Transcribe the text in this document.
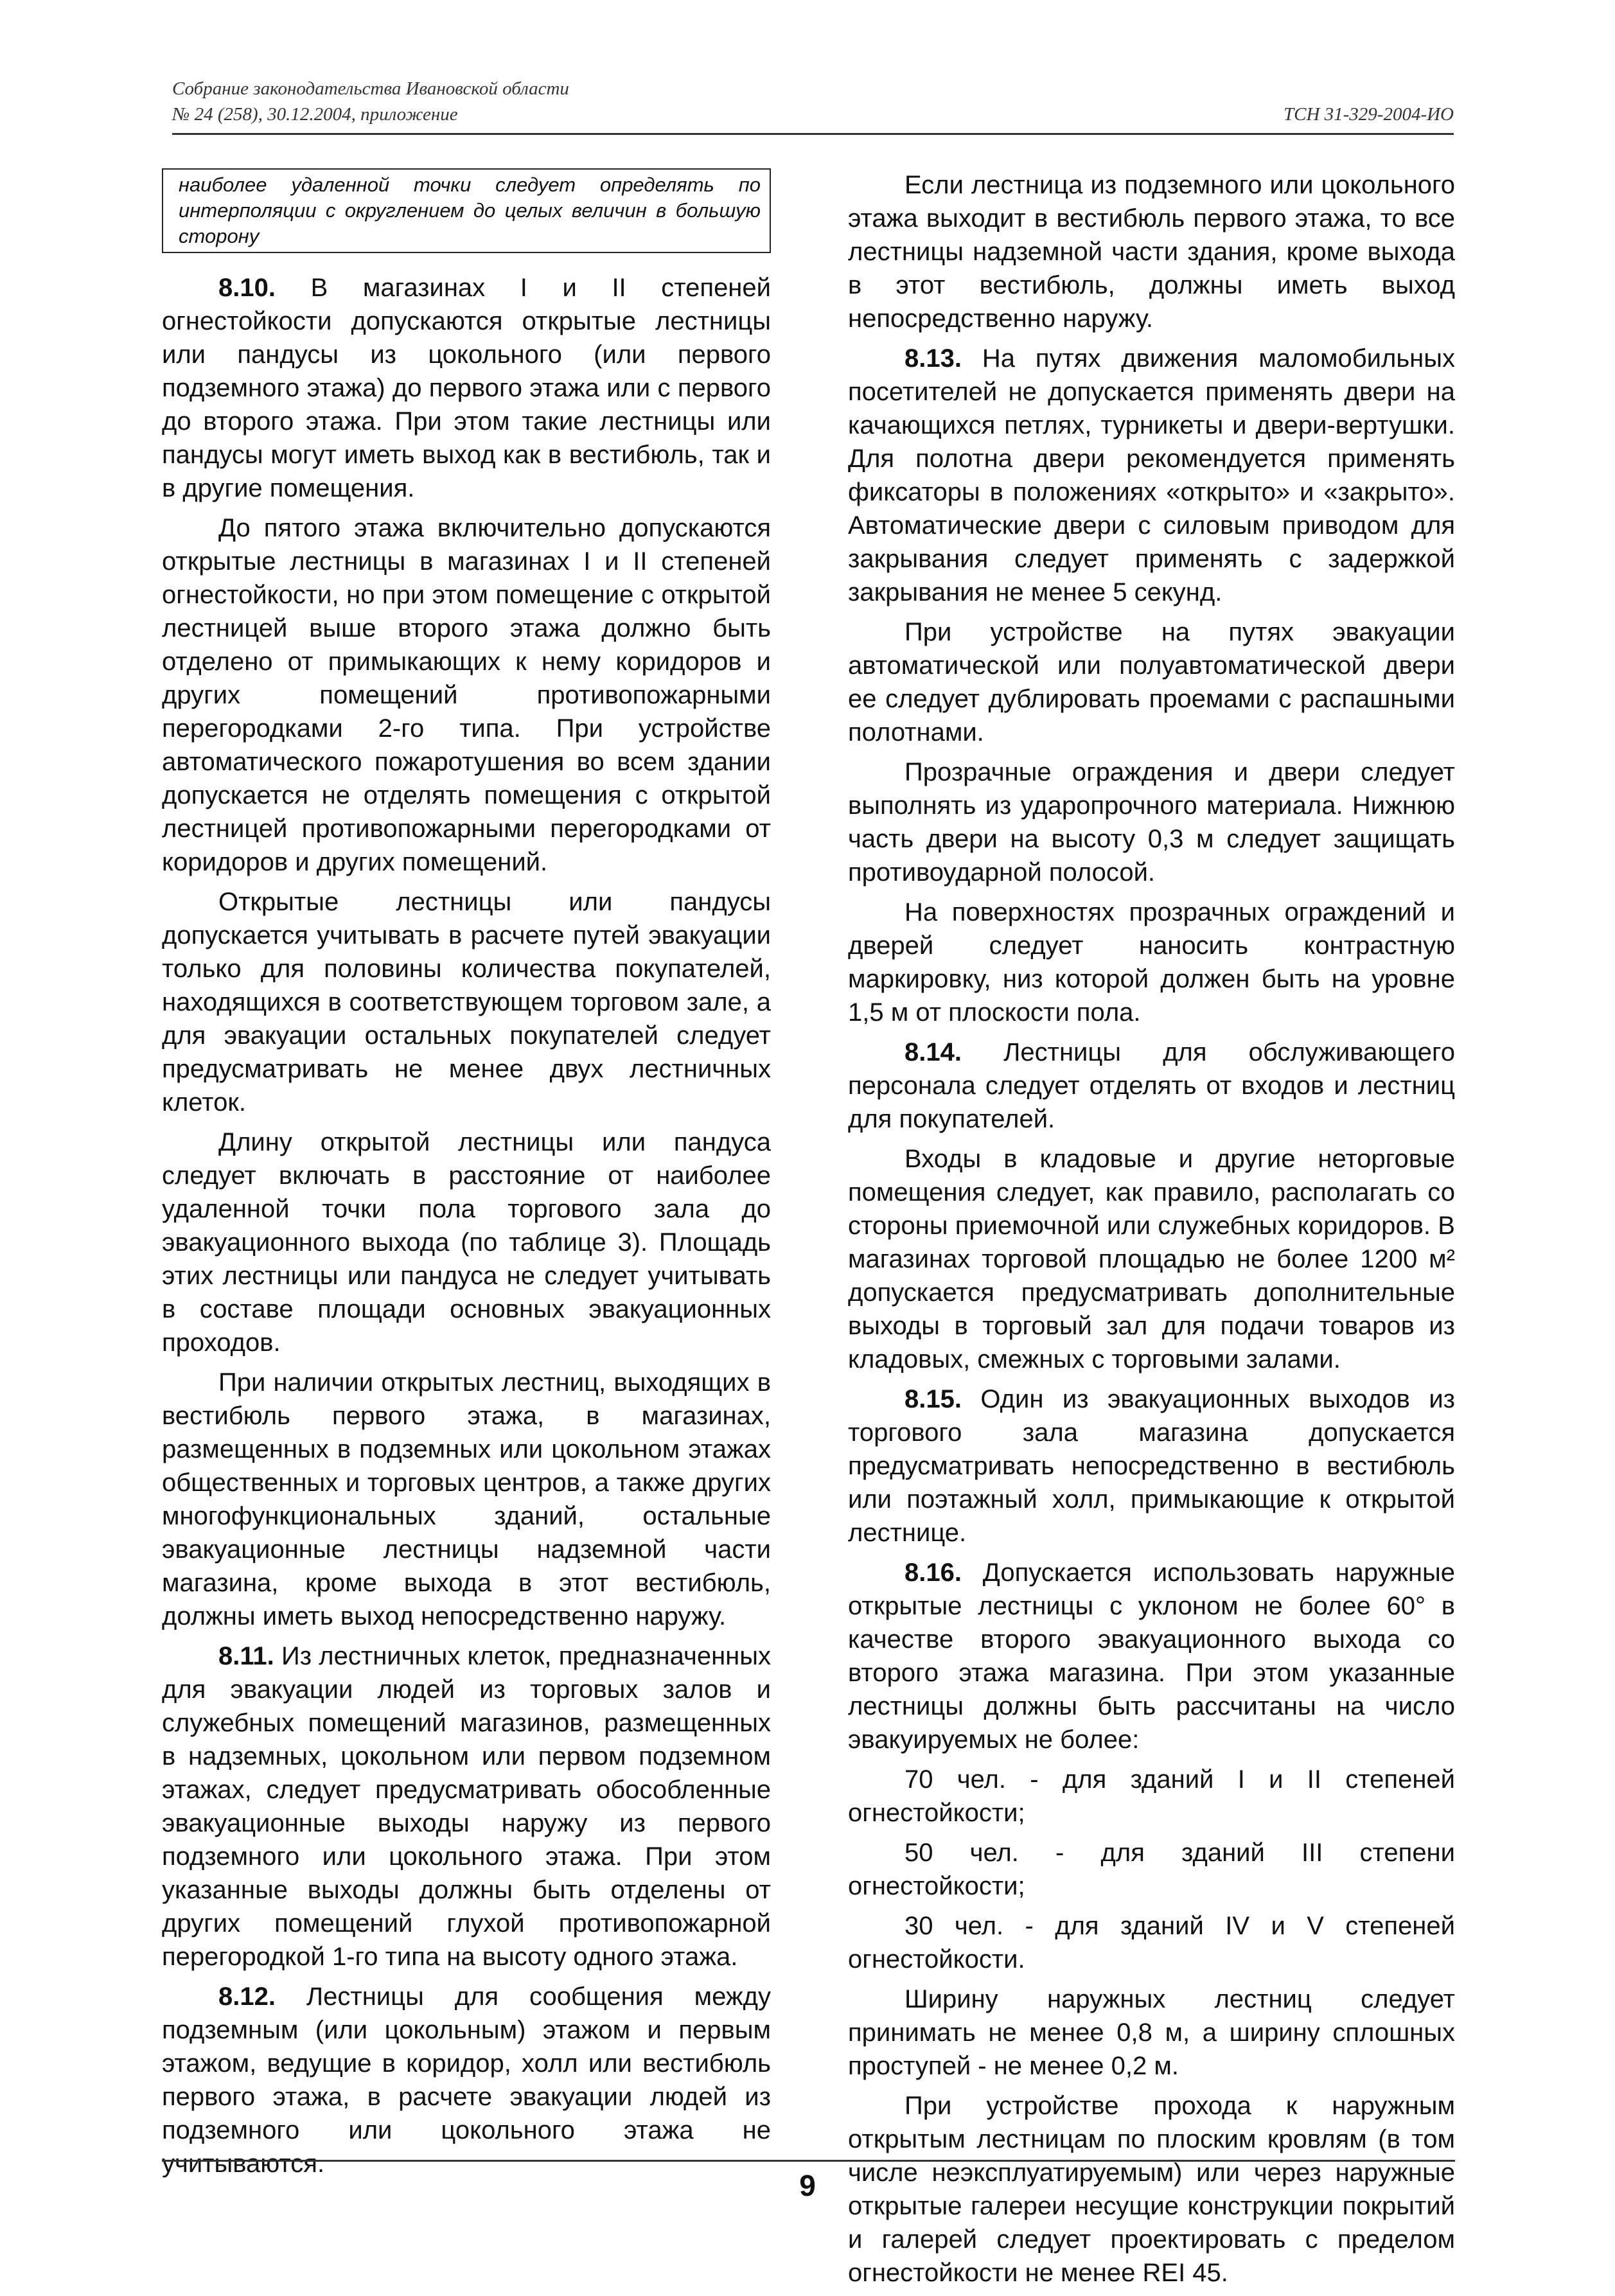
Собрание законодательства Ивановской области
№ 24 (258), 30.12.2004, приложение	ТСН 31-329-2004-ИО
наиболее удаленной точки следует определять по интерполяции с округлением до целых величин в большую сторону

8.10. В магазинах I и II степеней огнестойкости допускаются открытые лестницы или пандусы из цокольного (или первого подземного этажа) до первого этажа или с первого до второго этажа. При этом такие лестницы или пандусы могут иметь выход как в вестибюль, так и в другие помещения.

До пятого этажа включительно допускаются открытые лестницы в магазинах I и II степеней огнестойкости, но при этом помещение с открытой лестницей выше второго этажа должно быть отделено от примыкающих к нему коридоров и других помещений противопожарными перегородками 2-го типа. При устройстве автоматического пожаротушения во всем здании допускается не отделять помещения с открытой лестницей противопожарными перегородками от коридоров и других помещений.

Открытые лестницы или пандусы допускается учитывать в расчете путей эвакуации только для половины количества покупателей, находящихся в соответствующем торговом зале, а для эвакуации остальных покупателей следует предусматривать не менее двух лестничных клеток.

Длину открытой лестницы или пандуса следует включать в расстояние от наиболее удаленной точки пола торгового зала до эвакуационного выхода (по таблице 3). Площадь этих лестницы или пандуса не следует учитывать в составе площади основных эвакуационных проходов.

При наличии открытых лестниц, выходящих в вестибюль первого этажа, в магазинах, размещенных в подземных или цокольном этажах общественных и торговых центров, а также других многофункциональных зданий, остальные эвакуационные лестницы надземной части магазина, кроме выхода в этот вестибюль, должны иметь выход непосредственно наружу.

8.11. Из лестничных клеток, предназначенных для эвакуации людей из торговых залов и служебных помещений магазинов, размещенных в надземных, цокольном или первом подземном этажах, следует предусматривать обособленные эвакуационные выходы наружу из первого подземного или цокольного этажа. При этом указанные выходы должны быть отделены от других помещений глухой противопожарной перегородкой 1-го типа на высоту одного этажа.

8.12. Лестницы для сообщения между подземным (или цокольным) этажом и первым этажом, ведущие в коридор, холл или вестибюль первого этажа, в расчете эвакуации людей из подземного или цокольного этажа не учитываются.

Если лестница из подземного или цокольного этажа выходит в вестибюль первого этажа, то все лестницы надземной части здания, кроме выхода в этот вестибюль, должны иметь выход непосредственно наружу.

8.13. На путях движения маломобильных посетителей не допускается применять двери на качающихся петлях, турникеты и двери-вертушки. Для полотна двери рекомендуется применять фиксаторы в положениях «открыто» и «закрыто». Автоматические двери с силовым приводом для закрывания следует применять с задержкой закрывания не менее 5 секунд.

При устройстве на путях эвакуации автоматической или полуавтоматической двери ее следует дублировать проемами с распашными полотнами.

Прозрачные ограждения и двери следует выполнять из ударопрочного материала. Нижнюю часть двери на высоту 0,3 м следует защищать противоударной полосой.

На поверхностях прозрачных ограждений и дверей следует наносить контрастную маркировку, низ которой должен быть на уровне 1,5 м от плоскости пола.

8.14. Лестницы для обслуживающего персонала следует отделять от входов и лестниц для покупателей.

Входы в кладовые и другие неторговые помещения следует, как правило, располагать со стороны приемочной или служебных коридоров. В магазинах торговой площадью не более 1200 м² допускается предусматривать дополнительные выходы в торговый зал для подачи товаров из кладовых, смежных с торговыми залами.

8.15. Один из эвакуационных выходов из торгового зала магазина допускается предусматривать непосредственно в вестибюль или поэтажный холл, примыкающие к открытой лестнице.

8.16. Допускается использовать наружные открытые лестницы с уклоном не более 60° в качестве второго эвакуационного выхода со второго этажа магазина. При этом указанные лестницы должны быть рассчитаны на число эвакуируемых не более:

70 чел. - для зданий I и II степеней огнестойкости;

50 чел. - для зданий III степени огнестойкости;

30 чел. - для зданий IV и V степеней огнестойкости.

Ширину наружных лестниц следует принимать не менее 0,8 м, а ширину сплошных проступей - не менее 0,2 м.

При устройстве прохода к наружным открытым лестницам по плоским кровлям (в том числе неэксплуатируемым) или через наружные открытые галереи несущие конструкции покрытий и галерей следует проектировать с пределом огнестойкости не менее REI 45.

9
